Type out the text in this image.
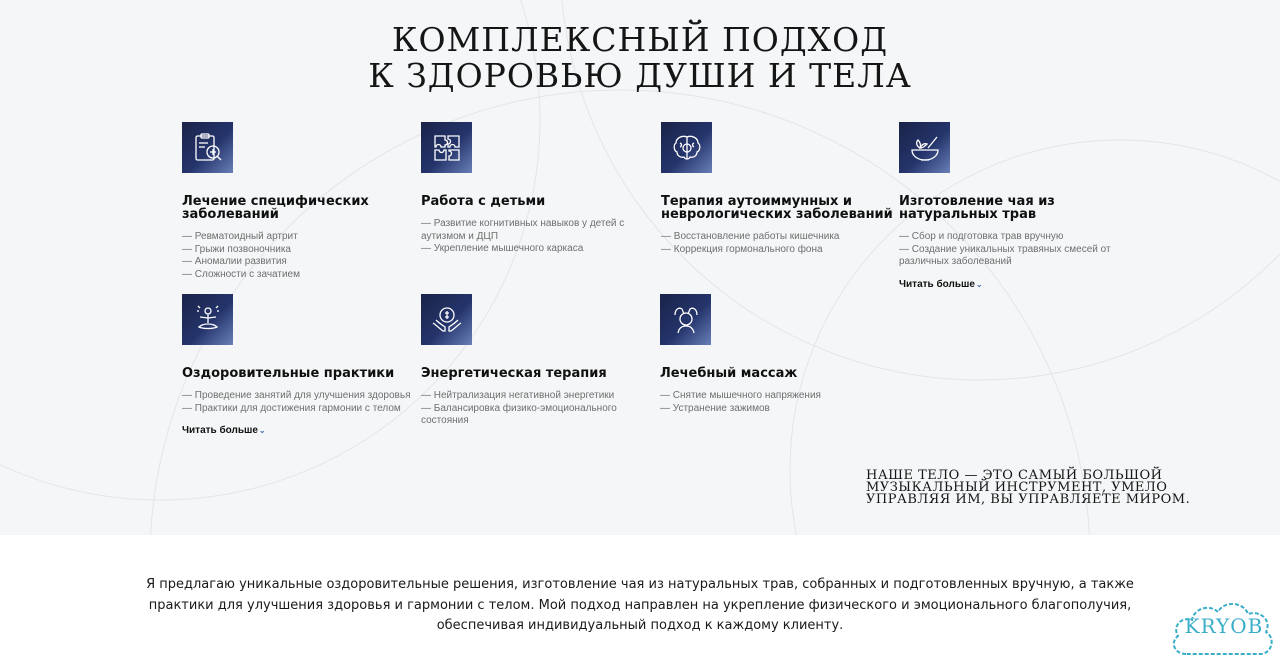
КОМПЛЕКСНЫЙ ПОДХОД
К ЗДОРОВЬЮ ДУШИ И ТЕЛА
Лечение специфических заболеваний
— Ревматоидный артрит
— Грыжи позвоночника
— Аномалии развития
— Сложности с зачатием
Работа с детьми
— Развитие когнитивных навыков у детей с аутизмом и ДЦП
— Укрепление мышечного каркаса
Терапия аутоиммунных и неврологических заболеваний
— Восстановление работы кишечника
— Коррекция гормонального фона
Изготовление чая из натуральных трав
— Сбор и подготовка трав вручную
— Создание уникальных травяных смесей от различных заболеваний
Читать больше⌄
Оздоровительные практики
— Проведение занятий для улучшения здоровья
— Практики для достижения гармонии с телом
Читать больше⌄
Энергетическая терапия
— Нейтрализация негативной энергетики
— Балансировка физико-эмоционального состояния
Лечебный массаж
— Снятие мышечного напряжения
— Устранение зажимов

НАШЕ ТЕЛО — ЭТО САМЫЙ БОЛЬШОЙ МУЗЫКАЛЬНЫЙ ИНСТРУМЕНТ, УМЕЛО УПРАВЛЯЯ ИМ, ВЫ УПРАВЛЯЕТЕ МИРОМ.

Я предлагаю уникальные оздоровительные решения, изготовление чая из натуральных трав, собранных и подготовленных вручную, а также практики для улучшения здоровья и гармонии с телом. Мой подход направлен на укрепление физического и эмоционального благополучия, обеспечивая индивидуальный подход к каждому клиенту.	KRYOB
